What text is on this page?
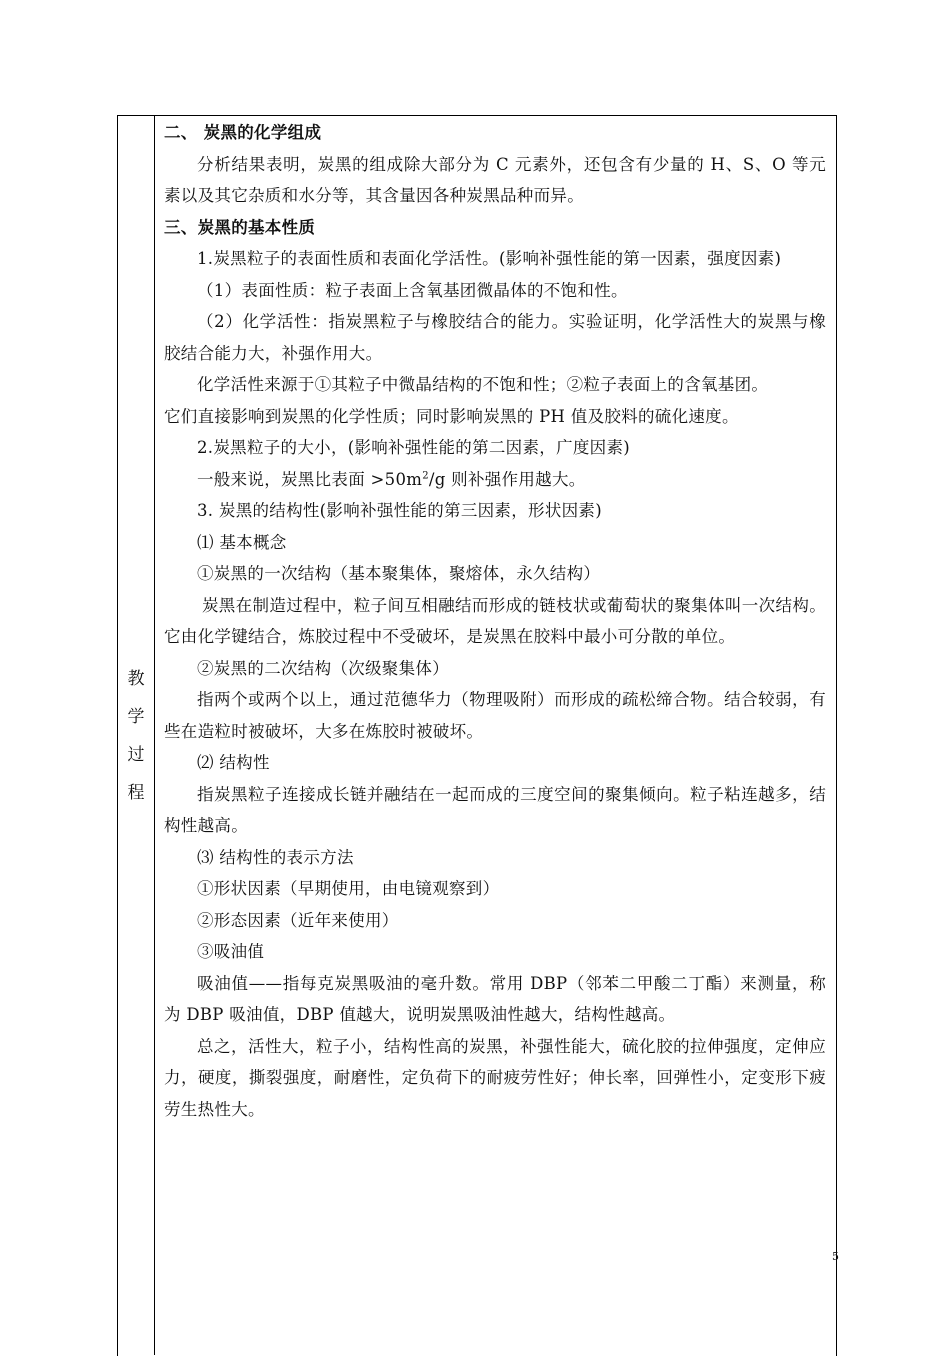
教
学
过
程

二、 炭黑的化学组成

分析结果表明，炭黑的组成除大部分为 C 元素外，还包含有少量的 H、S、O 等元素以及其它杂质和水分等，其含量因各种炭黑品种而异。

三、炭黑的基本性质

1.炭黑粒子的表面性质和表面化学活性。(影响补强性能的第一因素，强度因素)

（1）表面性质：粒子表面上含氧基团微晶体的不饱和性。

（2）化学活性：指炭黑粒子与橡胶结合的能力。实验证明，化学活性大的炭黑与橡胶结合能力大，补强作用大。

化学活性来源于①其粒子中微晶结构的不饱和性；②粒子表面上的含氧基团。

它们直接影响到炭黑的化学性质；同时影响炭黑的 PH 值及胶料的硫化速度。

2.炭黑粒子的大小，(影响补强性能的第二因素，广度因素)

一般来说，炭黑比表面 $>50m^2/g$ 则补强作用越大。

3. 炭黑的结构性(影响补强性能的第三因素，形状因素)

⑴ 基本概念

①炭黑的一次结构（基本聚集体，聚熔体，永久结构）

炭黑在制造过程中，粒子间互相融结而形成的链枝状或葡萄状的聚集体叫一次结构。它由化学键结合，炼胶过程中不受破坏，是炭黑在胶料中最小可分散的单位。

②炭黑的二次结构（次级聚集体）

指两个或两个以上，通过范德华力（物理吸附）而形成的疏松缔合物。结合较弱，有些在造粒时被破坏，大多在炼胶时被破坏。

⑵ 结构性

指炭黑粒子连接成长链并融结在一起而成的三度空间的聚集倾向。粒子粘连越多，结构性越高。

⑶ 结构性的表示方法

①形状因素（早期使用，由电镜观察到）

②形态因素（近年来使用）

③吸油值

吸油值——指每克炭黑吸油的毫升数。常用 DBP（邻苯二甲酸二丁酯）来测量，称为 DBP 吸油值，DBP 值越大，说明炭黑吸油性越大，结构性越高。

总之，活性大，粒子小，结构性高的炭黑，补强性能大，硫化胶的拉伸强度，定伸应力，硬度，撕裂强度，耐磨性，定负荷下的耐疲劳性好；伸长率，回弹性小，定变形下疲劳生热性大。

5
